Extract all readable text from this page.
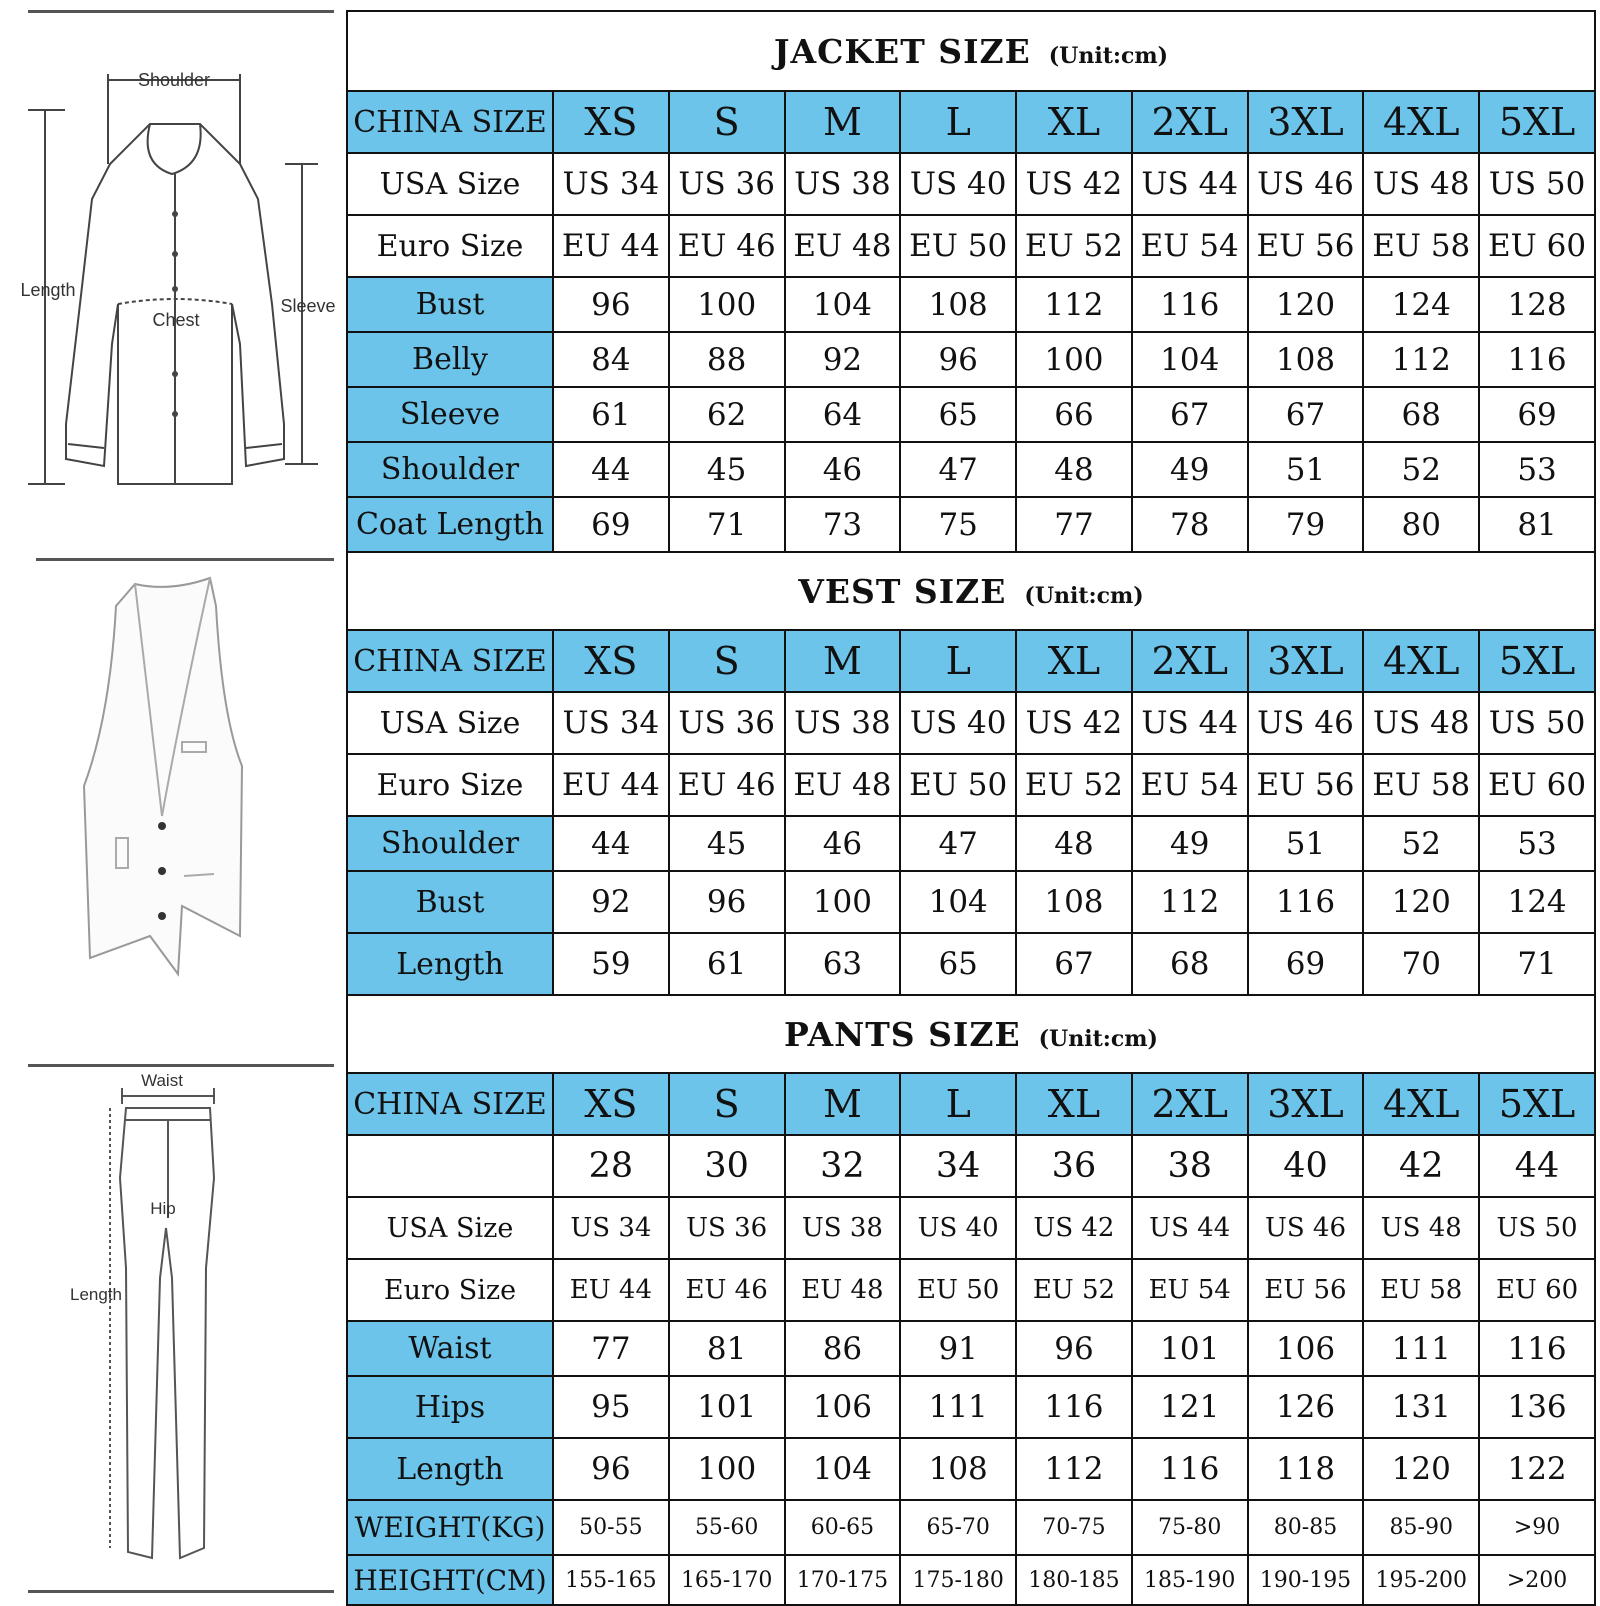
Shoulder
Length
Chest
Sleeve
Waist
Hip
Length
JACKET SIZE (Unit:cm)									
CHINA SIZE	XS	S	M	L	XL	2XL	3XL	4XL	5XL
USA Size	US 34	US 36	US 38	US 40	US 42	US 44	US 46	US 48	US 50
Euro Size	EU 44	EU 46	EU 48	EU 50	EU 52	EU 54	EU 56	EU 58	EU 60
Bust	96	100	104	108	112	116	120	124	128
Belly	84	88	92	96	100	104	108	112	116
Sleeve	61	62	64	65	66	67	67	68	69
Shoulder	44	45	46	47	48	49	51	52	53
Coat Length	69	71	73	75	77	78	79	80	81
VEST SIZE (Unit:cm)									
CHINA SIZE	XS	S	M	L	XL	2XL	3XL	4XL	5XL
USA Size	US 34	US 36	US 38	US 40	US 42	US 44	US 46	US 48	US 50
Euro Size	EU 44	EU 46	EU 48	EU 50	EU 52	EU 54	EU 56	EU 58	EU 60
Shoulder	44	45	46	47	48	49	51	52	53
Bust	92	96	100	104	108	112	116	120	124
Length	59	61	63	65	67	68	69	70	71
PANTS SIZE (Unit:cm)									
CHINA SIZE	XS	S	M	L	XL	2XL	3XL	4XL	5XL
	28	30	32	34	36	38	40	42	44
USA Size	US 34	US 36	US 38	US 40	US 42	US 44	US 46	US 48	US 50
Euro Size	EU 44	EU 46	EU 48	EU 50	EU 52	EU 54	EU 56	EU 58	EU 60
Waist	77	81	86	91	96	101	106	111	116
Hips	95	101	106	111	116	121	126	131	136
Length	96	100	104	108	112	116	118	120	122
WEIGHT(KG)	50-55	55-60	60-65	65-70	70-75	75-80	80-85	85-90	>90
HEIGHT(CM)	155-165	165-170	170-175	175-180	180-185	185-190	190-195	195-200	>200
